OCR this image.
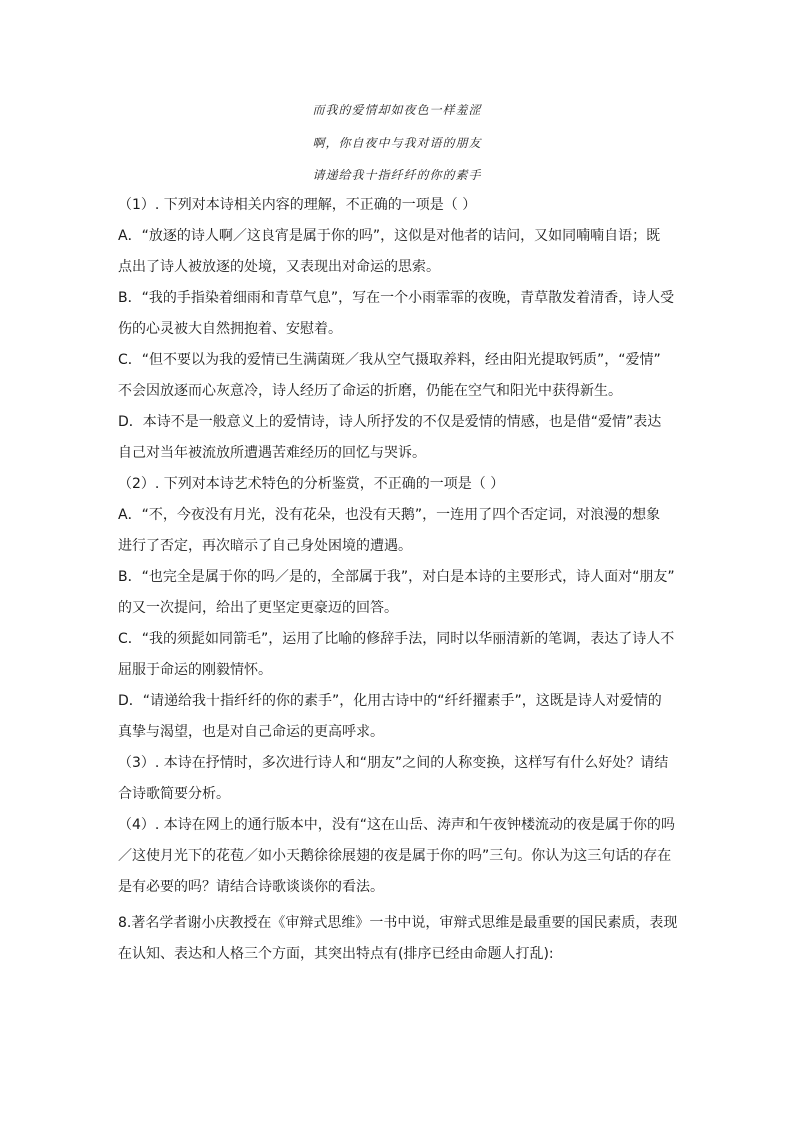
而我的爱情却如夜色一样羞涩
啊，你自夜中与我对语的朋友
请递给我十指纤纤的你的素手
（1）. 下列对本诗相关内容的理解，不正确的一项是（ ）
A．“放逐的诗人啊／这良宵是属于你的吗”，这似是对他者的诘问，又如同喃喃自语；既
点出了诗人被放逐的处境，又表现出对命运的思索。
B．“我的手指染着细雨和青草气息”，写在一个小雨霏霏的夜晚，青草散发着清香，诗人受
伤的心灵被大自然拥抱着、安慰着。
C．“但不要以为我的爱情已生满菌斑／我从空气摄取养料，经由阳光提取钙质”，“爱情”
不会因放逐而心灰意冷，诗人经历了命运的折磨，仍能在空气和阳光中获得新生。
D．本诗不是一般意义上的爱情诗，诗人所抒发的不仅是爱情的情感，也是借“爱情”表达
自己对当年被流放所遭遇苦难经历的回忆与哭诉。
（2）. 下列对本诗艺术特色的分析鉴赏，不正确的一项是（ ）
A．“不，今夜没有月光，没有花朵，也没有天鹅”，一连用了四个否定词，对浪漫的想象
进行了否定，再次暗示了自己身处困境的遭遇。
B．“也完全是属于你的吗／是的，全部属于我”，对白是本诗的主要形式，诗人面对“朋友”
的又一次提问，给出了更坚定更豪迈的回答。
C．“我的须髭如同箭毛”，运用了比喻的修辞手法，同时以华丽清新的笔调，表达了诗人不
屈服于命运的刚毅情怀。
D．“请递给我十指纤纤的你的素手”，化用古诗中的“纤纤擢素手”，这既是诗人对爱情的
真挚与渴望，也是对自己命运的更高呼求。
（3）. 本诗在抒情时，多次进行诗人和“朋友”之间的人称变换，这样写有什么好处？请结
合诗歌简要分析。
（4）. 本诗在网上的通行版本中，没有“这在山岳、涛声和午夜钟楼流动的夜是属于你的吗
／这使月光下的花苞／如小天鹅徐徐展翅的夜是属于你的吗”三句。你认为这三句话的存在
是有必要的吗？请结合诗歌谈谈你的看法。
8.著名学者谢小庆教授在《审辩式思维》一书中说，审辩式思维是最重要的国民素质，表现
在认知、表达和人格三个方面，其突出特点有(排序已经由命题人打乱):
